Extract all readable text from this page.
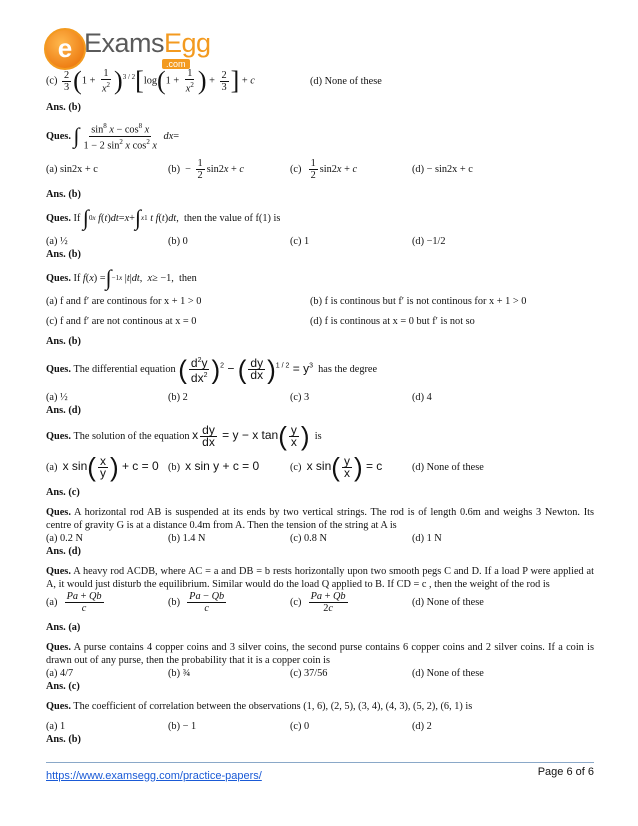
e ExamsEgg
.com
$(c) \frac{2}{3} (1 + \frac{1}{x^2} )^{3 / 2}[\log(1 + \frac{1}{x^2}$ ) + $\frac{2}{3}$ ] + c	(d) None of these
Ans. (b)
Ques.
∫ $\frac{\sin^8 x - \cos^8 x}{1 - 2 \sin^2 x \cos^2 x}$
dx =
(a) sin2x + c	$(b) - \frac{1}{2} \sin 2x + c$	$(c) \frac{1}{2} \sin 2x + c$	(d) − sin2x + c
Ans. (b)
Ques.
If
∫ 0 x
f ( t ) dt = x + ∫ x 1
t f ( t ) dt , then the value of f(1) is
(a) ½	(b) 0	(c) 1	(d) −1/2
Ans. (b)
Ques.
If
f ( x ) = ∫ −1 x | t | dt , x ≥ −1,  then
(a) f and f′ are continous for x + 1 > 0	(b) f is continous but f′ is not continous for x + 1 > 0
(c) f and f′ are not continous at x = 0	(d) f is continous at x = 0 but f′ is not so
Ans. (b)
Ques.
The differential equation
( $\frac{d^2y}{dx^2} )^2$ − ( $\frac{dy}{dx} )^{1 / 2} = y^3$
has the degree
(a) ½	(b) 2	(c) 3	(d) 4
Ans. (d)
Ques.
The solution of the equation
x $\frac{dy}{dx} = y - x$ $\tan( \frac{y}{x}$ )
is
(a)  x $\sin( \frac{x}{y}$ ) + c = 0 (b)  x sin y + c = 0	(c)  x $\sin( \frac{y}{x}$ ) = c	(d) None of these
Ans. (c)
Ques. A horizontal rod AB is suspended at its ends by two vertical strings. The rod is of length 0.6m and weighs 3 Newton. Its centre of gravity G is at a distance 0.4m from A. Then the tension of the string at A is
(a) 0.2 N	(b) 1.4 N	(c) 0.8 N	(d) 1 N
Ans. (d)
Ques. A heavy rod ACDB, where AC = a and DB = b rests horizontally upon two smooth pegs C and D. If a load P were applied at A, it would just disturb the equilibrium. Similar would do the load Q applied to B. If CD = c , then the weight of the rod is
$(a) \frac{Pa + Qb}{c}$	$(b) \frac{Pa - Qb}{c}$	$(c) \frac{Pa + Qb}{2c}$	(d) None of these
Ans. (a)
Ques. A purse contains 4 copper coins and 3 silver coins, the second purse contains 6 copper coins and 2 silver coins. If a coin is drawn out of any purse, then the probability that it is a copper coin is
(a) 4/7	(b) ¾	(c) 37/56	(d) None of these
Ans. (c)
Ques. The coefficient of correlation between the observations (1, 6), (2, 5), (3, 4), (4, 3), (5, 2), (6, 1) is
(a) 1	(b) − 1	(c) 0	(d) 2
Ans. (b)
https://www.examsegg.com/practice-papers/	Page 6 of 6
